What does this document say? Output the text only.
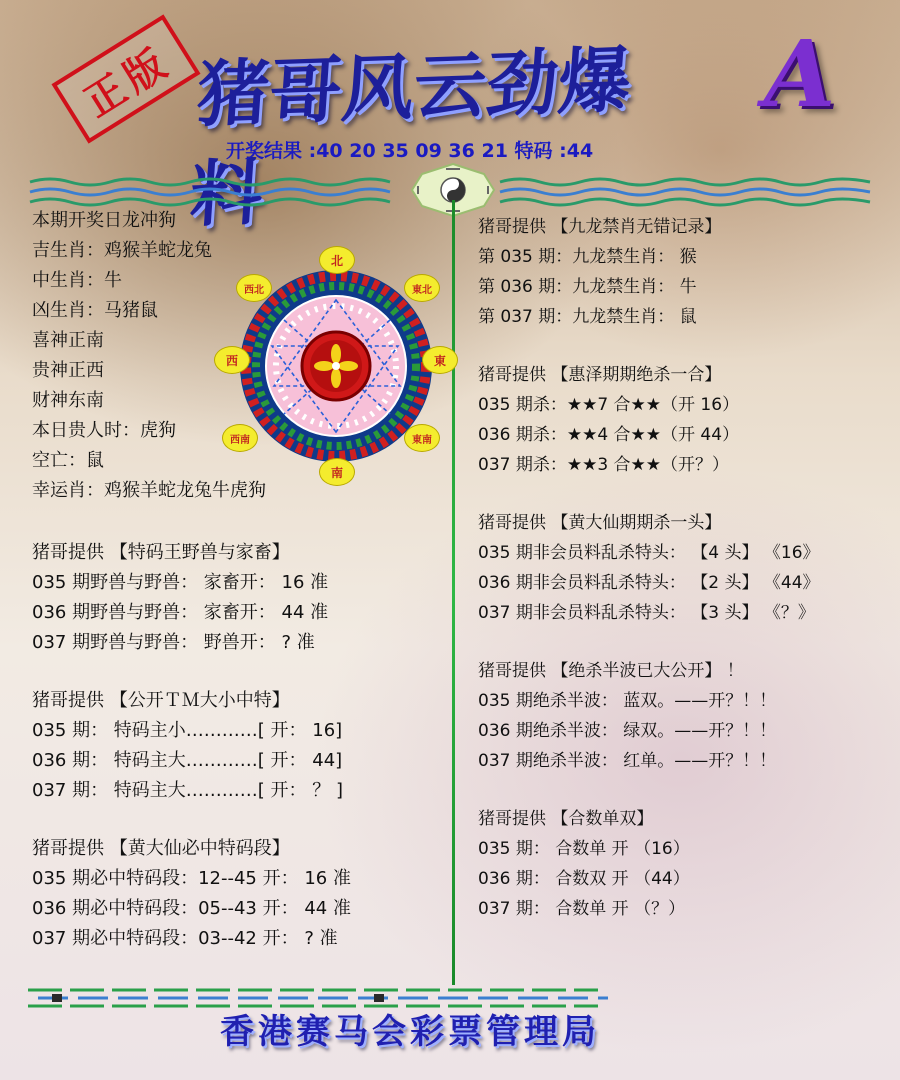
正版 猪哥风云劲爆料
A
开奖结果 :40 20 35 09 36 21 特码 :44
本期开奖日龙冲狗
吉生肖：鸡猴羊蛇龙兔
中生肖：牛
凶生肖：马猪鼠
喜神正南
贵神正西
财神东南
本日贵人时：虎狗
空亡：鼠
幸运肖：鸡猴羊蛇龙兔牛虎狗
北
東
南
西
西北	東北
東南
西南
猪哥提供 【特码王野兽与家畜】
035 期野兽与野兽： 家畜开： 16 准
036 期野兽与野兽： 家畜开： 44 准
037 期野兽与野兽： 野兽开： ? 准
猪哥提供 【公开ＴＭ大小中特】
035 期： 特码主小…………[ 开： 16]
036 期： 特码主大…………[ 开： 44]
037 期： 特码主大…………[ 开： ？ ]
猪哥提供 【黄大仙必中特码段】
035 期必中特码段：12--45 开： 16 准
036 期必中特码段：05--43 开： 44 准
037 期必中特码段：03--42 开： ? 准
猪哥提供 【九龙禁肖无错记录】
第 035 期：九龙禁生肖： 猴
第 036 期：九龙禁生肖： 牛
第 037 期：九龙禁生肖： 鼠
猪哥提供 【惠泽期期绝杀一合】
035 期杀：★★7 合★★（开 16）
036 期杀：★★4 合★★（开 44）
037 期杀：★★3 合★★（开？）
猪哥提供 【黄大仙期期杀一头】
035 期非会员料乱杀特头： 【4 头】 《16》
036 期非会员料乱杀特头： 【2 头】 《44》
037 期非会员料乱杀特头： 【3 头】 《？》
猪哥提供 【绝杀半波已大公开】 ！
035 期绝杀半波： 蓝双。——开？！！
036 期绝杀半波： 绿双。——开？！！
037 期绝杀半波： 红单。——开？！！
猪哥提供 【合数单双】
035 期： 合数单 开 （16）
036 期： 合数双 开 （44）
037 期： 合数单 开 （？）
香港赛马会彩票管理局
